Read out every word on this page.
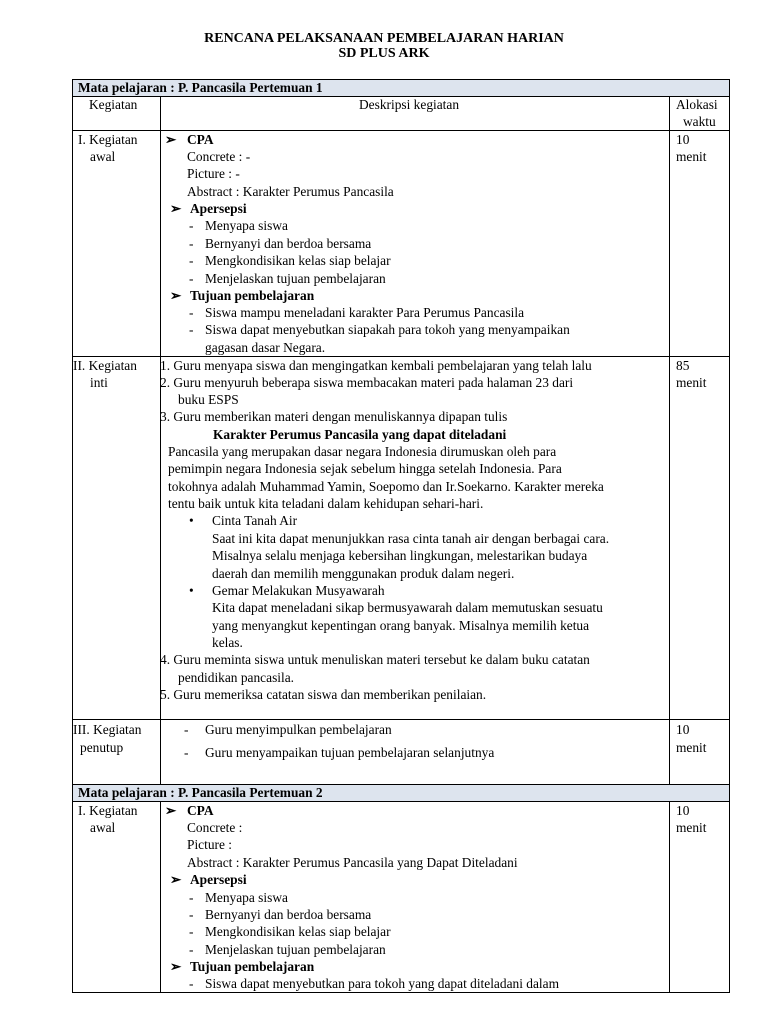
RENCANA PELAKSANAAN PEMBELAJARAN HARIAN
SD PLUS ARK
Mata pelajaran : P. Pancasila Pertemuan 1
Kegiatan	Deskripsi kegiatan	Alokasi
waktu
I. Kegiatan
awal
10
menit
➢ CPA
Concrete : -
Picture : -
Abstract : Karakter Perumus Pancasila
➢ Apersepsi
- Menyapa siswa
- Bernyanyi dan berdoa bersama
- Mengkondisikan kelas siap belajar
- Menjelaskan tujuan pembelajaran
➢ Tujuan pembelajaran
- Siswa mampu meneladani karakter Para Perumus Pancasila
- Siswa dapat menyebutkan siapakah para tokoh yang menyampaikan
gagasan dasar Negara.
II. Kegiatan
inti
85
menit
1. Guru menyapa siswa dan mengingatkan kembali pembelajaran yang telah lalu
2. Guru menyuruh beberapa siswa membacakan materi pada halaman 23 dari
buku ESPS
3. Guru memberikan materi dengan menuliskannya dipapan tulis
Karakter Perumus Pancasila yang dapat diteladani
Pancasila yang merupakan dasar negara Indonesia dirumuskan oleh para
pemimpin negara Indonesia sejak sebelum hingga setelah Indonesia. Para
tokohnya adalah Muhammad Yamin, Soepomo dan Ir.Soekarno. Karakter mereka
tentu baik untuk kita teladani dalam kehidupan sehari-hari.
• Cinta Tanah Air
Saat ini kita dapat menunjukkan rasa cinta tanah air dengan berbagai cara.
Misalnya selalu menjaga kebersihan lingkungan, melestarikan budaya
daerah dan memilih menggunakan produk dalam negeri.
• Gemar Melakukan Musyawarah
Kita dapat meneladani sikap bermusyawarah dalam memutuskan sesuatu
yang menyangkut kepentingan orang banyak. Misalnya memilih ketua
kelas.
4. Guru meminta siswa untuk menuliskan materi tersebut ke dalam buku catatan
pendidikan pancasila.
5. Guru memeriksa catatan siswa dan memberikan penilaian.
III. Kegiatan
penutup
10
menit
- Guru menyimpulkan pembelajaran
- Guru menyampaikan tujuan pembelajaran selanjutnya
Mata pelajaran : P. Pancasila Pertemuan 2
I. Kegiatan
awal
10
menit
➢ CPA
Concrete :
Picture :
Abstract : Karakter Perumus Pancasila yang Dapat Diteladani
➢ Apersepsi
- Menyapa siswa
- Bernyanyi dan berdoa bersama
- Mengkondisikan kelas siap belajar
- Menjelaskan tujuan pembelajaran
➢ Tujuan pembelajaran
- Siswa dapat menyebutkan para tokoh yang dapat diteladani dalam
